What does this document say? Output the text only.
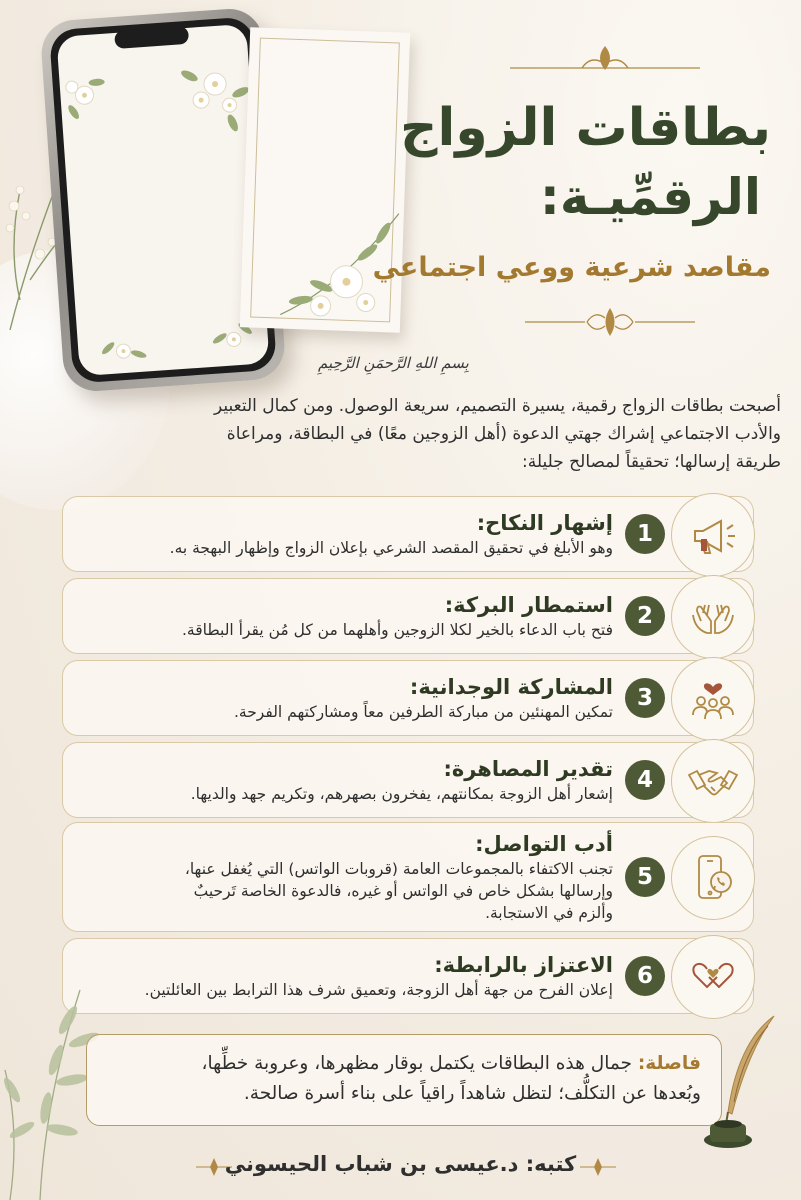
بطاقات الزواج
الرقمِّيـة:
مقاصد شرعية ووعي اجتماعي
بِسمِ اللهِ الرَّحمَنِ الرَّحِيمِ

أصبحت بطاقات الزواج رقمية، يسيرة التصميم، سريعة الوصول. ومن كمال التعبير

والأدب الاجتماعي إشراك جهتي الدعوة (أهل الزوجين معًا) في البطاقة، ومراعاة

طريقة إرسالها؛ تحقيقاً لمصالح جليلة:

1
إشهار النكاح:
وهو الأبلغ في تحقيق المقصد الشرعي بإعلان الزواج وإظهار البهجة به.
2
استمطار البركة:
فتح باب الدعاء بالخير لكلا الزوجين وأهلهما من كل مُن يقرأ البطاقة.
3
المشاركة الوجدانية:
تمكين المهنئين من مباركة الطرفين معاً ومشاركتهم الفرحة.
4
تقدير المصاهرة:
إشعار أهل الزوجة بمكانتهم، يفخرون بصهرهم، وتكريم جهد والديها.
5
أدب التواصل:
تجنب الاكتفاء بالمجموعات العامة (قروبات الواتس) التي يُغفل عنها،
وإرسالها بشكل خاص في الواتس أو غيره، فالدعوة الخاصة تَرحيبٌ
وألزم في الاستجابة.
6
الاعتزاز بالرابطة:
إعلان الفرح من جهة أهل الزوجة، وتعميق شرف هذا الترابط بين العائلتين.
فاصلة: جمال هذه البطاقات يكتمل بوقار مظهرها، وعروبة خطِّها،
وبُعدها عن التكلُّف؛ لتظل شاهداً راقياً على بناء أسرة صالحة.
كتبه: د.عيسى بن شباب الحيسوني
